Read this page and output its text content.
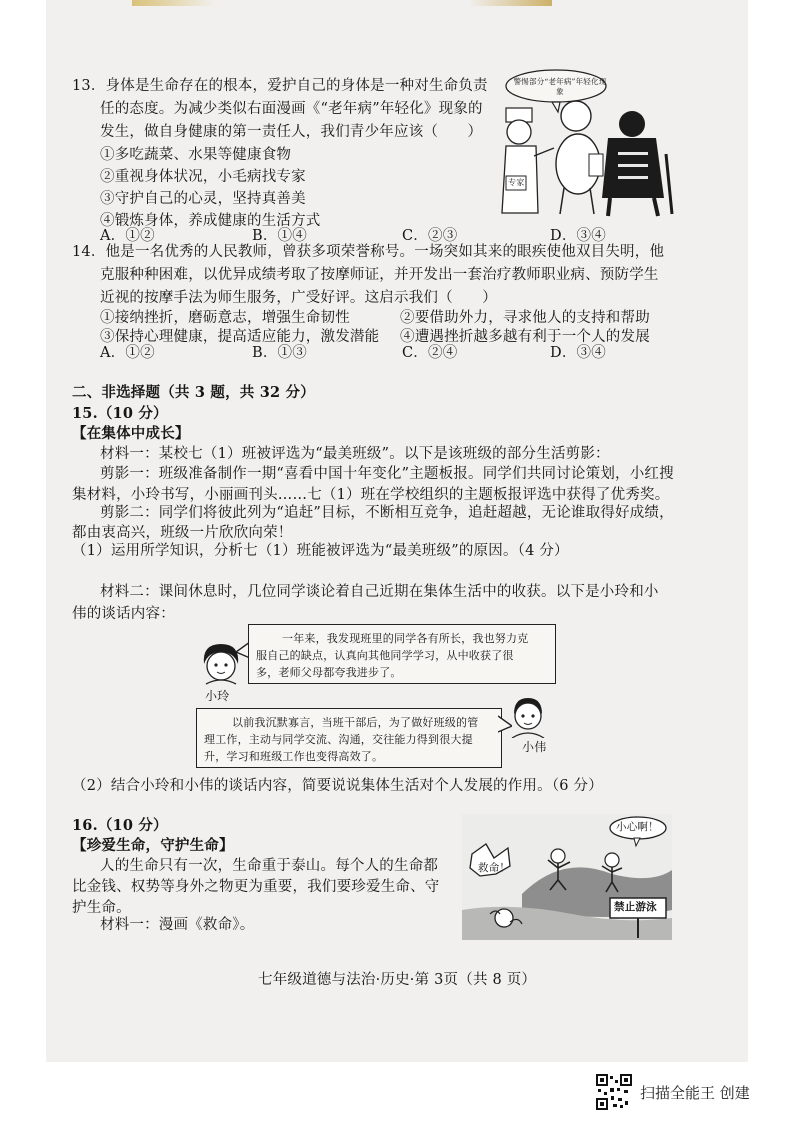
13．身体是生命存在的根本，爱护自己的身体是一种对生命负责
任的态度。为减少类似右面漫画《“老年病”年轻化》现象的
发生，做自身健康的第一责任人，我们青少年应该（　　）
①多吃蔬菜、水果等健康食物
②重视身体状况，小毛病找专家
③守护自己的心灵，坚持真善美
④锻炼身体，养成健康的生活方式
A．①②	B．①④	C．②③	D．③④
警惕部分“老年病”年轻化现象
专家
14．他是一名优秀的人民教师，曾获多项荣誉称号。一场突如其来的眼疾使他双目失明，他
克服种种困难，以优异成绩考取了按摩师证，并开发出一套治疗教师职业病、预防学生
近视的按摩手法为师生服务，广受好评。这启示我们（　　）
①接纳挫折，磨砺意志，增强生命韧性	②要借助外力，寻求他人的支持和帮助
③保持心理健康，提高适应能力，激发潜能 ④遭遇挫折越多越有利于一个人的发展
A．①②	B．①③	C．②④	D．③④
二、非选择题（共 3 题，共 32 分）
15.（10 分）
【在集体中成长】
材料一：某校七（1）班被评选为“最美班级”。以下是该班级的部分生活剪影：
剪影一：班级准备制作一期“喜看中国十年变化”主题板报。同学们共同讨论策划，小红搜
集材料，小玲书写，小丽画刊头……七（1）班在学校组织的主题板报评选中获得了优秀奖。
剪影二：同学们将彼此列为“追赶”目标，不断相互竞争，追赶超越，无论谁取得好成绩，
都由衷高兴，班级一片欣欣向荣！
（1）运用所学知识，分析七（1）班能被评选为“最美班级”的原因。（4 分）
材料二：课间休息时，几位同学谈论着自己近期在集体生活中的收获。以下是小玲和小
伟的谈话内容：
小玲
一年来，我发现班里的同学各有所长，我也努力克
服自己的缺点，认真向其他同学学习，从中收获了很
多，老师父母都夸我进步了。
以前我沉默寡言，当班干部后，为了做好班级的管
理工作，主动与同学交流、沟通，交往能力得到很大提
升，学习和班级工作也变得高效了。
小伟
（2）结合小玲和小伟的谈话内容，简要说说集体生活对个人发展的作用。（6 分）
16.（10 分）
【珍爱生命，守护生命】
人的生命只有一次，生命重于泰山。每个人的生命都
比金钱、权势等身外之物更为重要，我们要珍爱生命、守
护生命。
材料一：漫画《救命》。
小心啊！
救命！
禁止游泳
七年级道德与法治·历史·第 3页（共 8 页）
扫描全能王 创建
